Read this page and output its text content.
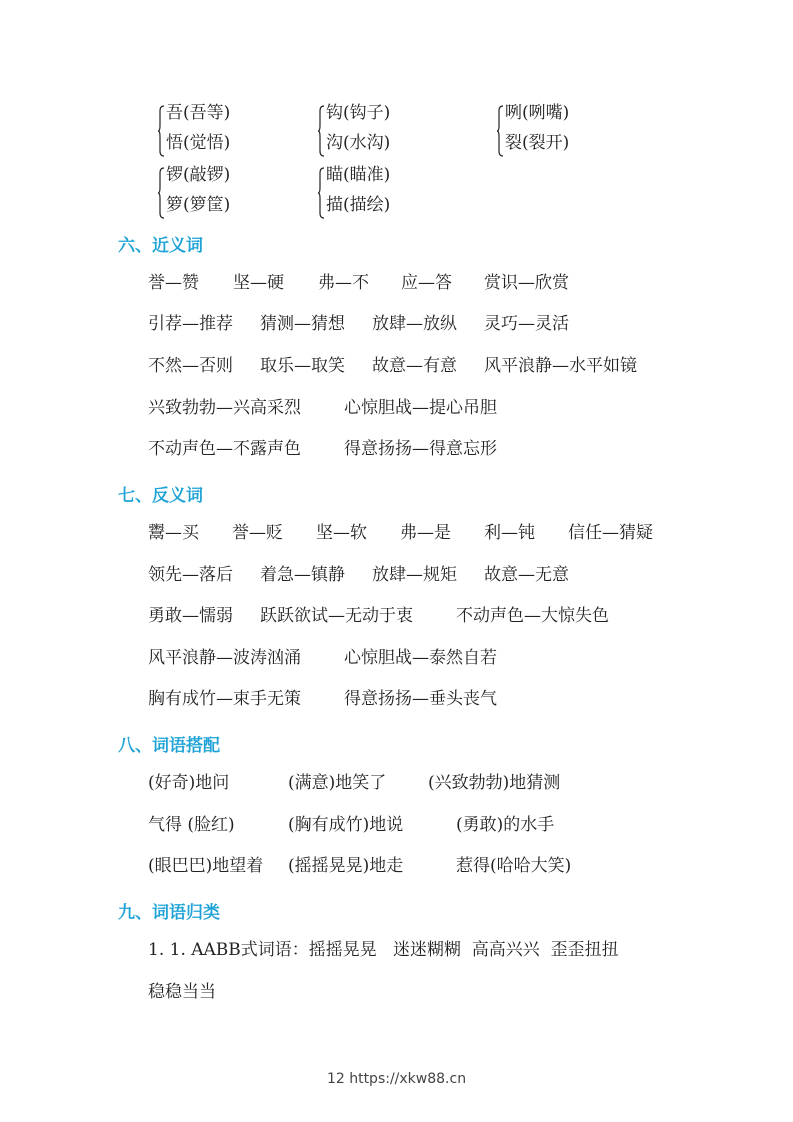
吾(吾等)
悟(觉悟)
钩(钩子)
沟(水沟)
咧(咧嘴)
裂(裂开)
锣(敲锣)
箩(箩筐)
瞄(瞄准)
描(描绘)
六、近义词
誉—赞 坚—硬 弗—不 应—答 赏识—欣赏
引荐—推荐 猜测—猜想 放肆—放纵 灵巧—灵活
不然—否则 取乐—取笑 故意—有意 风平浪静—水平如镜
兴致勃勃—兴高采烈	心惊胆战—提心吊胆
不动声色—不露声色	得意扬扬—得意忘形
七、反义词
鬻—买 誉—贬 坚—软 弗—是 利—钝 信任—猜疑
领先—落后 着急—镇静 放肆—规矩 故意—无意
勇敢—懦弱 跃跃欲试—无动于衷	不动声色—大惊失色
风平浪静—波涛汹涌	心惊胆战—泰然自若
胸有成竹—束手无策	得意扬扬—垂头丧气
八、词语搭配
(好奇)地问	(满意)地笑了 (兴致勃勃)地猜测
气得 (脸红)	(胸有成竹)地说	(勇敢)的水手
(眼巴巴)地望着 (摇摇晃晃)地走	惹得(哈哈大笑)
九、词语归类
1. 1. AABB式词语：摇摇晃晃   迷迷糊糊  高高兴兴  歪歪扭扭
稳稳当当
12 https://xkw88.cn
